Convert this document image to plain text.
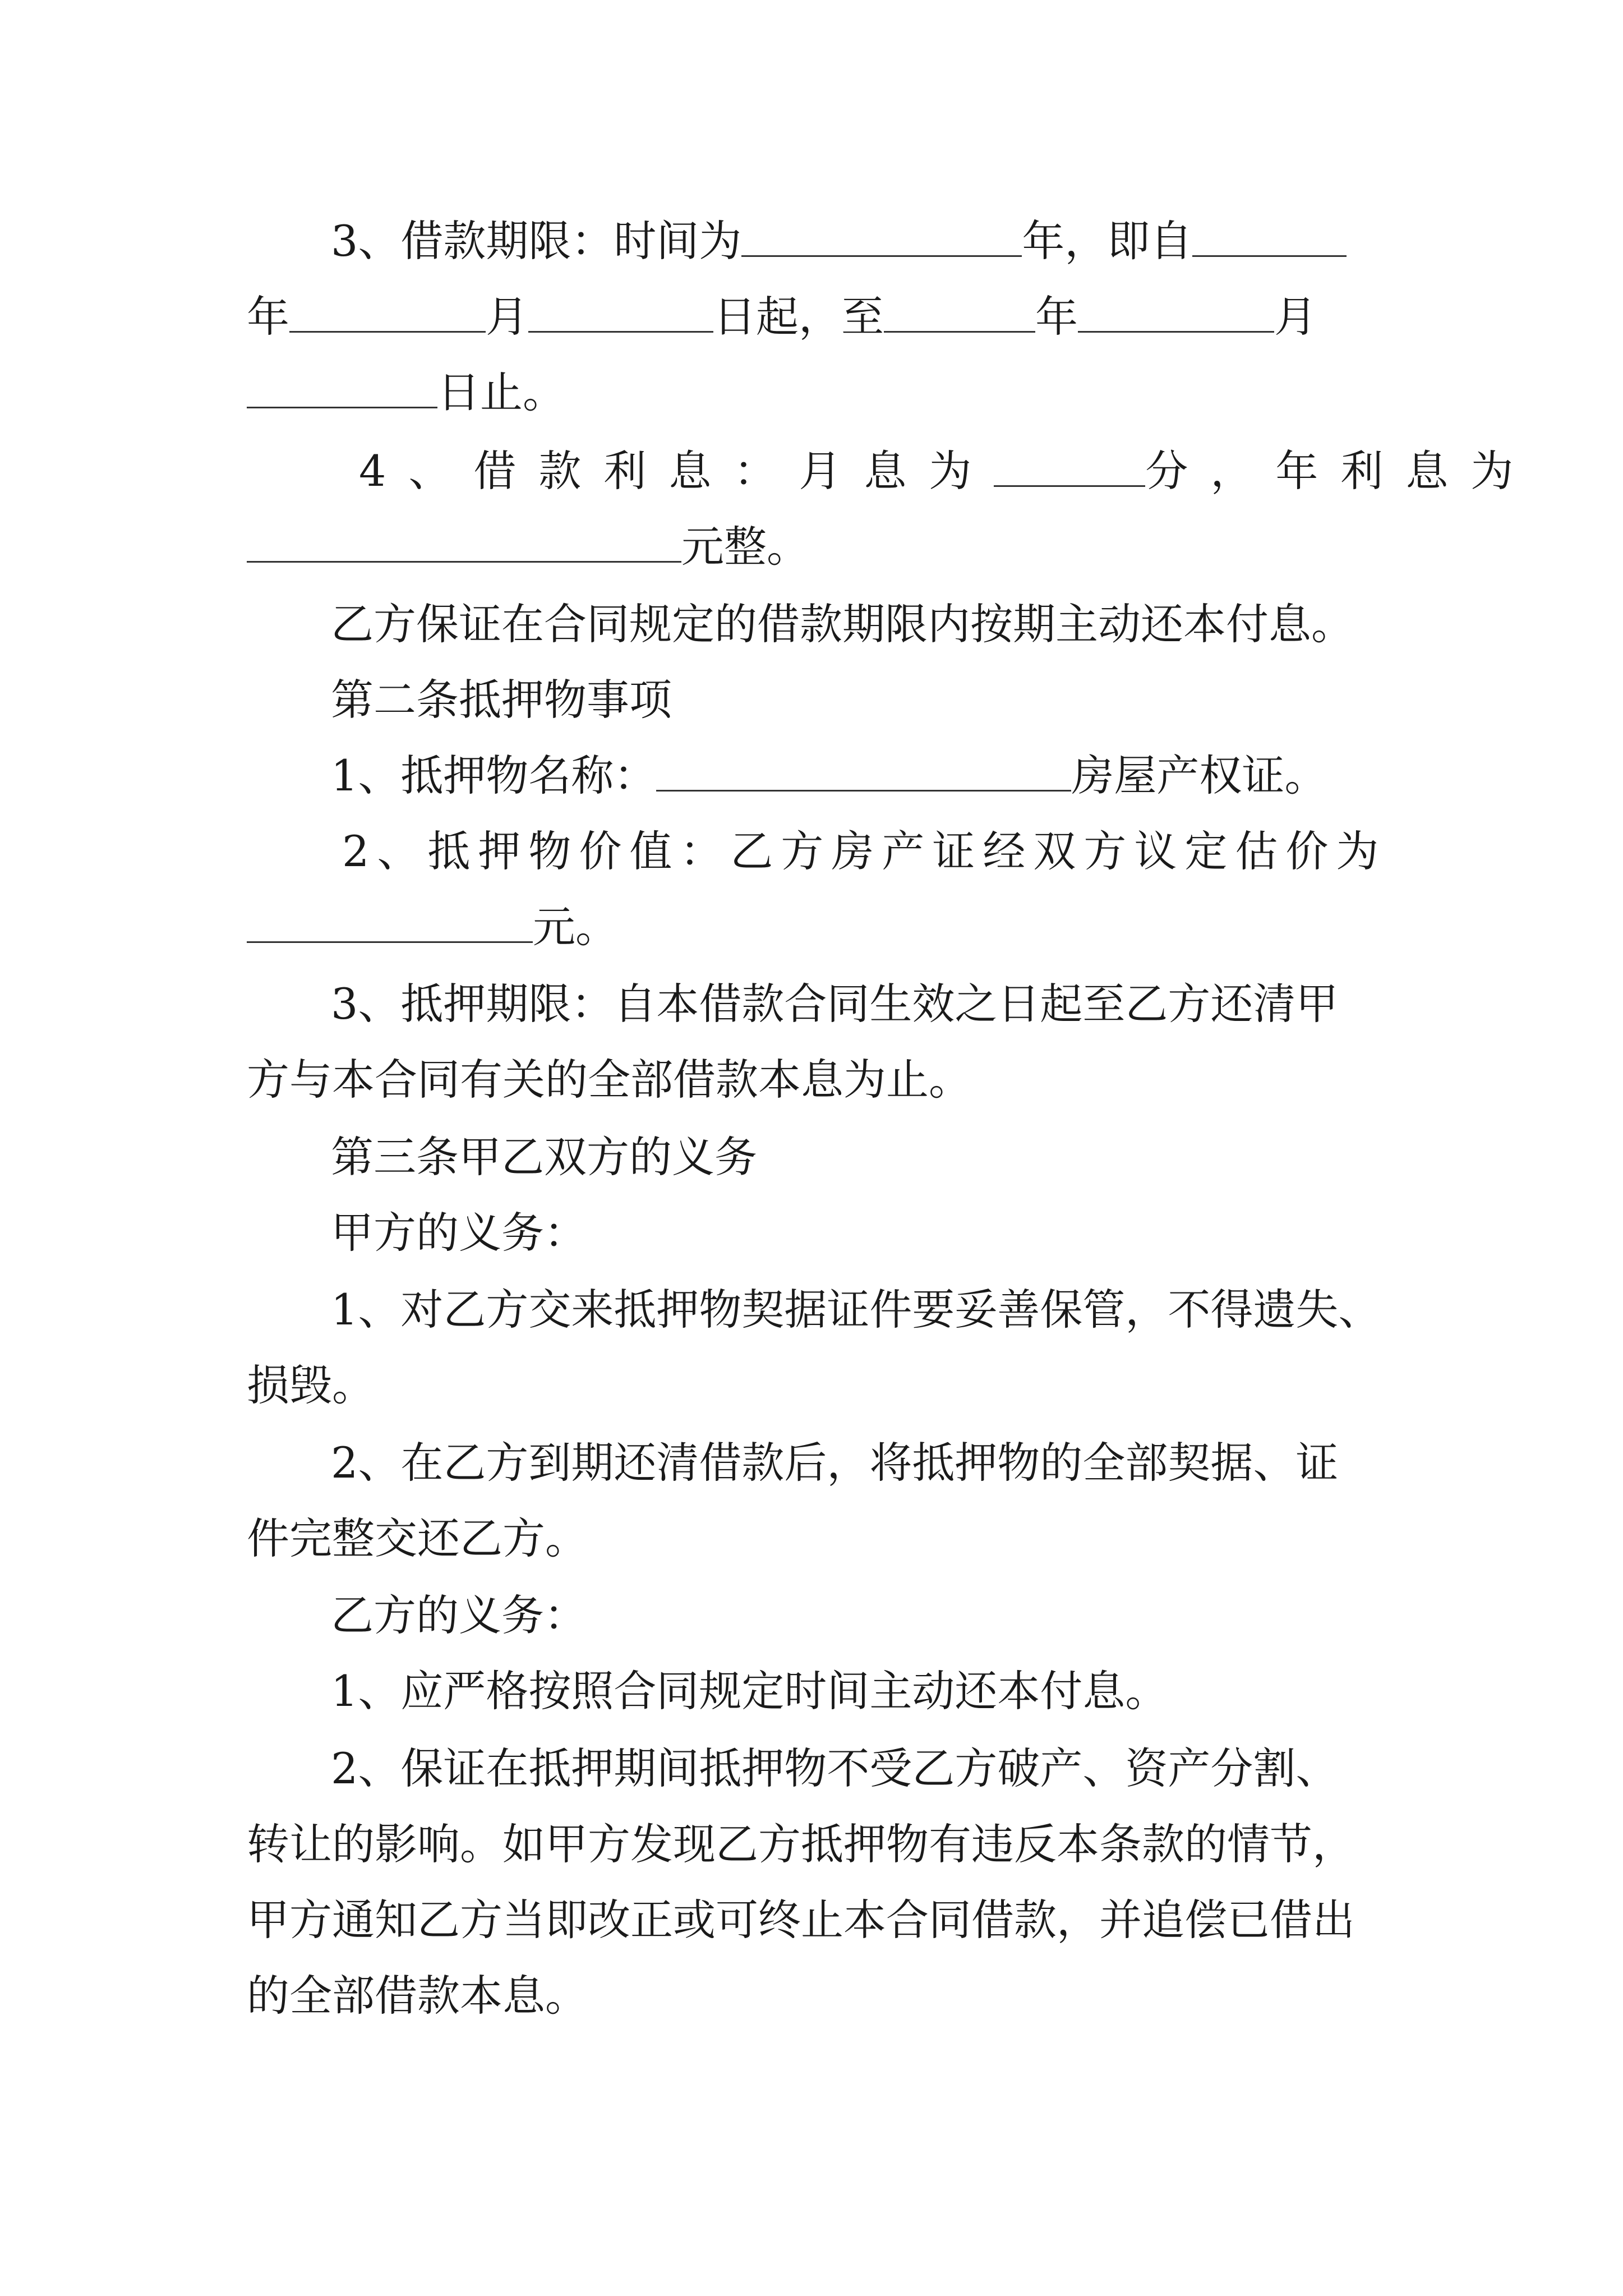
3、借款期限：时间为	年，即自
年	月	日起，至	年	月
日止。
4、借款利息：月息为	分，年利息为
元整。
乙方保证在合同规定的借款期限内按期主动还本付息。
第二条抵押物事项
1、抵押物名称：	房屋产权证。
2、抵押物价值：乙方房产证经双方议定估价为
元。
3、抵押期限：自本借款合同生效之日起至乙方还清甲
方与本合同有关的全部借款本息为止。
第三条甲乙双方的义务
甲方的义务：
1、对乙方交来抵押物契据证件要妥善保管，不得遗失、
损毁。
2、在乙方到期还清借款后，将抵押物的全部契据、证
件完整交还乙方。
乙方的义务：
1、应严格按照合同规定时间主动还本付息。
2、保证在抵押期间抵押物不受乙方破产、资产分割、
转让的影响。如甲方发现乙方抵押物有违反本条款的情节，
甲方通知乙方当即改正或可终止本合同借款，并追偿已借出
的全部借款本息。
